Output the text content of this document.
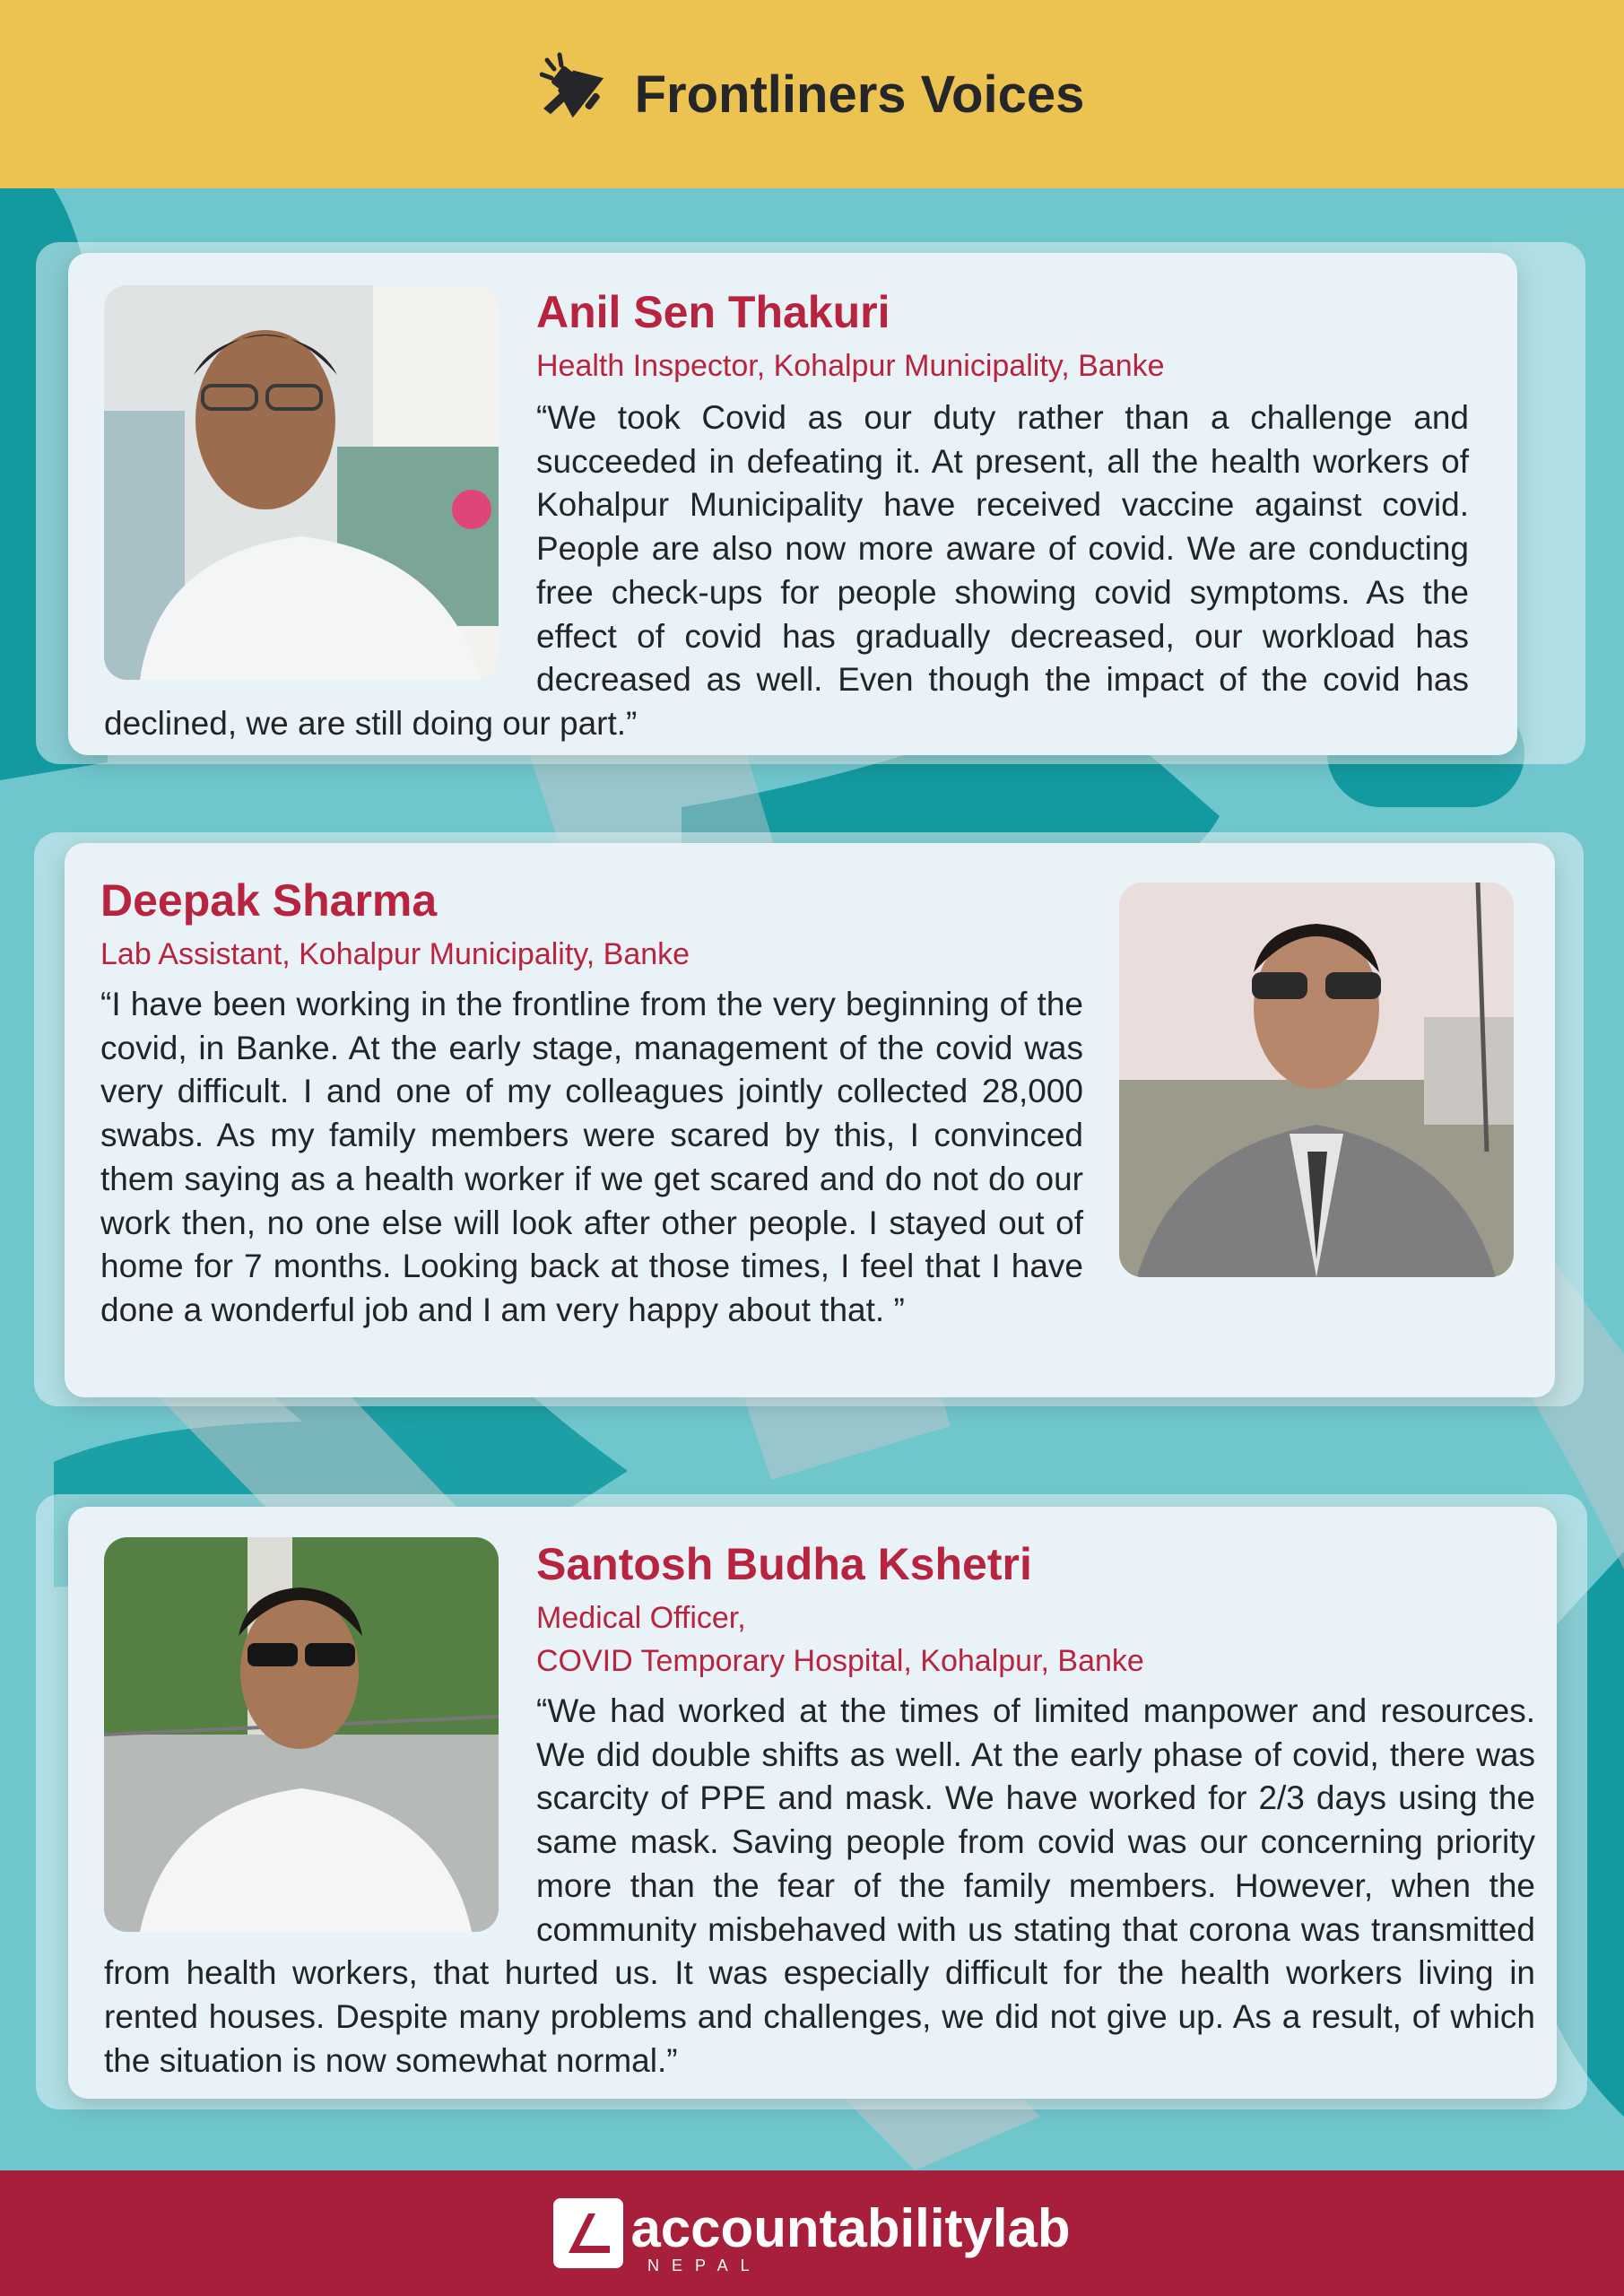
Frontliners Voices
Anil Sen Thakuri
Health Inspector, Kohalpur Municipality, Banke
“We took Covid as our duty rather than a challenge and succeeded in defeating it. At present, all the health workers of Kohalpur Municipality have received vaccine against covid. People are also now more aware of covid. We are conducting free check-ups for people showing covid symptoms. As the effect of covid has gradually decreased, our workload has decreased as well. Even though the impact of the covid has declined, we are still doing our part.”
Deepak Sharma
Lab Assistant, Kohalpur Municipality, Banke
“I have been working in the frontline from the very beginning of the covid, in Banke. At the early stage, management of the covid was very difficult. I and one of my colleagues jointly collected 28,000 swabs. As my family members were scared by this, I convinced them saying as a health worker if we get scared and do not do our work then, no one else will look after other people. I stayed out of home for 7 months. Looking back at those times, I feel that I have done a wonderful job and I am very happy about that. ”
Santosh Budha Kshetri
Medical Officer,
COVID Temporary Hospital, Kohalpur, Banke
“We had worked at the times of limited manpower and resources. We did double shifts as well. At the early phase of covid, there was scarcity of PPE and mask. We have worked for 2/3 days using the same mask. Saving people from covid was our concerning priority more than the fear of the family members. However, when the community misbehaved with us stating that corona was transmitted from health workers, that hurted us. It was especially difficult for the health workers living in rented houses. Despite many problems and challenges, we did not give up. As a result, of which the situation is now somewhat normal.”
accountabilitylab
NEPAL
